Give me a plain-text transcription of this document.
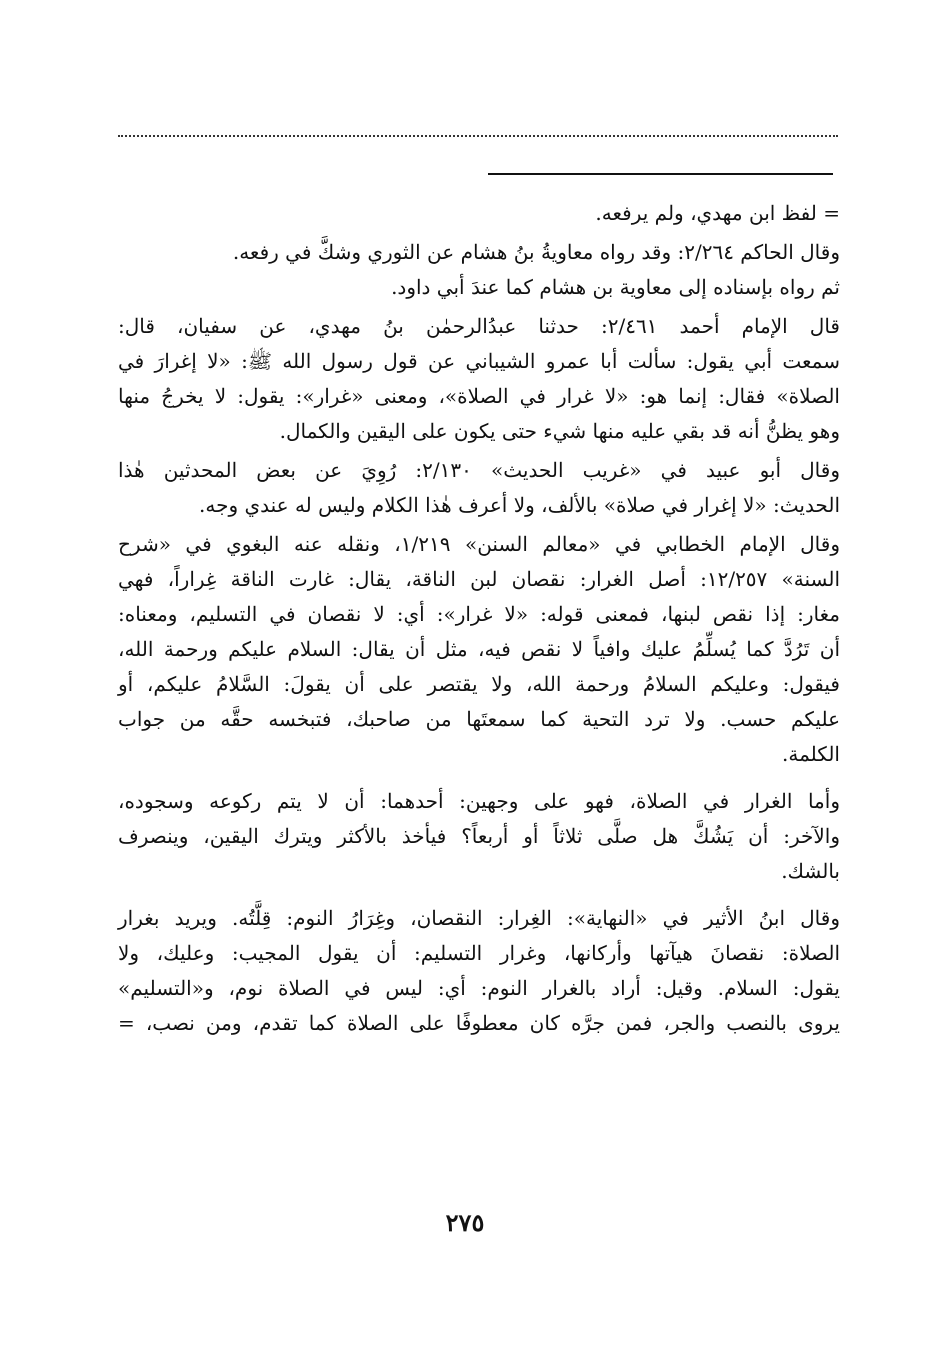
= لفظ ابن مهدي، ولم يرفعه.
وقال الحاكم ٢/٢٦٤: وقد رواه معاويةُ بنُ هشام عن الثوري وشكَّ في رفعه.
ثم رواه بإسناده إلى معاوية بن هشام كما عندَ أبي داود.
قال الإمام أحمد ٢/٤٦١: حدثنا عبدُالرحمٰن بنُ مهدي، عن سفيان، قال:
سمعت أبي يقول: سألت أبا عمرو الشيباني عن قول رسول الله ﷺ: «لا إغرارَ في
الصلاة» فقال: إنما هو: «لا غرار في الصلاة»، ومعنى «غرار»: يقول: لا يخرجُ منها
وهو يظنُّ أنه قد بقي عليه منها شيء حتى يكون على اليقين والكمال.
وقال أبو عبيد في «غريب الحديث» ٢/١٣٠: رُوِيَ عن بعض المحدثين هٰذا
الحديث: «لا إغرار في صلاة» بالألف، ولا أعرف هٰذا الكلام وليس له عندي وجه.
وقال الإمام الخطابي في «معالم السنن» ١/٢١٩، ونقله عنه البغوي في «شرح
السنة» ١٢/٢٥٧: أصل الغرار: نقصان لبن الناقة، يقال: غارت الناقة غِراراً، فهي
مغار: إذا نقص لبنها، فمعنى قوله: «لا غرار»: أي: لا نقصان في التسليم، ومعناه:
أن تَرُدَّ كما يُسلِّمُ عليك وافياً لا نقص فيه، مثل أن يقال: السلام عليكم ورحمة الله،
فيقول: وعليكم السلامُ ورحمة الله، ولا يقتصر على أن يقولَ: السَّلامُ عليكم، أو
عليكم حسب. ولا ترد التحية كما سمعتَها من صاحبك، فتبخسه حقَّه من جواب
الكلمة.
وأما الغرار في الصلاة، فهو على وجهين: أحدهما: أن لا يتم ركوعه وسجوده،
والآخر: أن يَشُكَّ هل صلَّى ثلاثاً أو أربعاً؟ فيأخذ بالأكثر ويترك اليقين، وينصرف
بالشك.
وقال ابنُ الأثير في «النهاية»: الغِرار: النقصان، وغِرَارُ النوم: قِلَّتُه. ويريد بغرار
الصلاة: نقصانَ هيآتها وأركانها، وغرار التسليم: أن يقول المجيب: وعليك، ولا
يقول: السلام. وقيل: أراد بالغرار النوم: أي: ليس في الصلاة نوم، و«التسليم»
يروى بالنصب والجر، فمن جرَّه كان معطوفًا على الصلاة كما تقدم، ومن نصب، =
٢٧٥
